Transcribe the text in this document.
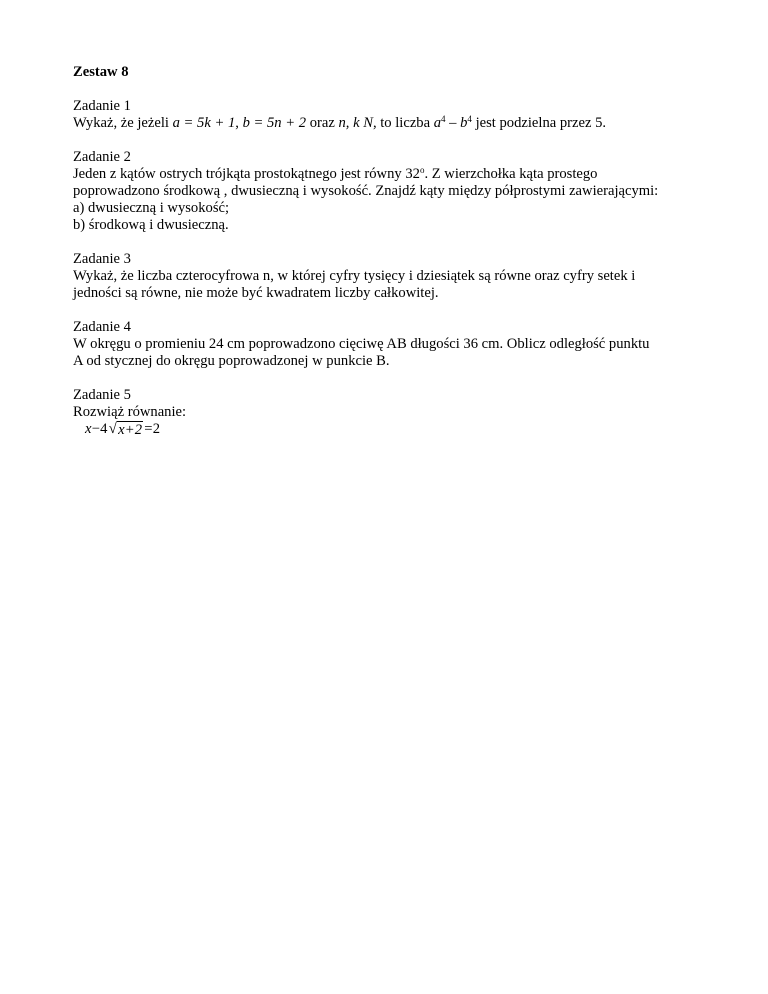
Zestaw 8

Zadanie 1

Wykaż, że jeżeli a = 5k + 1, b = 5n + 2 oraz n, k N, to liczba $a^4 - b^4$ jest podzielna przez 5.

Zadanie 2

Jeden z kątów ostrych trójkąta prostokątnego jest równy 32$^o$. Z wierzchołka kąta prostego

poprowadzono środkową , dwusieczną i wysokość. Znajdź kąty między półprostymi zawierającymi:

a) dwusieczną i wysokość;

b) środkową i dwusieczną.

Zadanie 3

Wykaż, że liczba czterocyfrowa n, w której cyfry tysięcy i dziesiątek są równe oraz cyfry setek i

jedności są równe, nie może być kwadratem liczby całkowitej.

Zadanie 4

W okręgu o promieniu 24 cm poprowadzono cięciwę AB długości 36 cm. Oblicz odległość punktu

A od stycznej do okręgu poprowadzonej w punkcie B.

Zadanie 5

Rozwiąż równanie:

x −4 √ x+2 =2
